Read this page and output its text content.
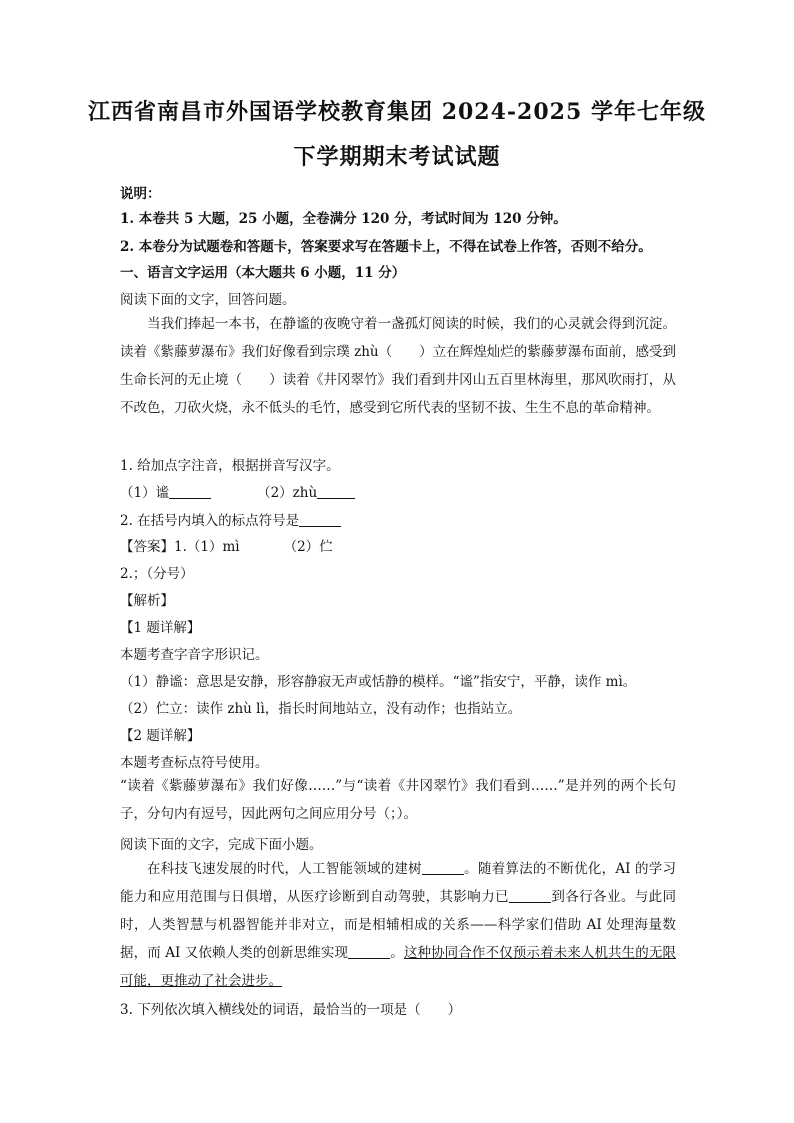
江西省南昌市外国语学校教育集团 2024-2025 学年七年级
下学期期末考试试题
说明：
1. 本卷共 5 大题，25 小题，全卷满分 120 分，考试时间为 120 分钟。
2. 本卷分为试题卷和答题卡，答案要求写在答题卡上，不得在试卷上作答，否则不给分。
一、语言文字运用（本大题共 6 小题，11 分）
阅读下面的文字，回答问题。
当我们捧起一本书，在静谧的夜晚守着一盏孤灯阅读的时候，我们的心灵就会得到沉淀。读着《紫藤萝瀑布》我们好像看到宗璞 zhù（　　）立在辉煌灿烂的紫藤萝瀑布面前，感受到生命长河的无止境（　　）读着《井冈翠竹》我们看到井冈山五百里林海里，那风吹雨打，从不改色，刀砍火烧，永不低头的毛竹，感受到它所代表的坚韧不拔、生生不息的革命精神。
1. 给加点字注音，根据拼音写汉字。
（1）谧	（2）zhù
2. 在括号内填入的标点符号是
【答案】1.（1）mì	（2）伫
2.；（分号）
【解析】
【1 题详解】
本题考查字音字形识记。
（1）静谧：意思是安静，形容静寂无声或恬静的模样。“谧”指安宁，平静，读作 mì。
（2）伫立：读作 zhù lì，指长时间地站立，没有动作；也指站立。
【2 题详解】
本题考查标点符号使用。
“读着《紫藤萝瀑布》我们好像……”与“读着《井冈翠竹》我们看到……”是并列的两个长句子，分句内有逗号，因此两句之间应用分号（；）。
阅读下面的文字，完成下面小题。
在科技飞速发展的时代，人工智能领域的建树	。随着算法的不断优化，AI 的学习能力和应用范围与日俱增，从医疗诊断到自动驾驶，其影响力已	到各行各业。与此同时，人类智慧与机器智能并非对立，而是相辅相成的关系——科学家们借助 AI 处理海量数据，而 AI 又依赖人类的创新思维实现	。这种协同合作不仅预示着未来人机共生的无限可能，更推动了社会进步。
3. 下列依次填入横线处的词语，最恰当的一项是（　　）
